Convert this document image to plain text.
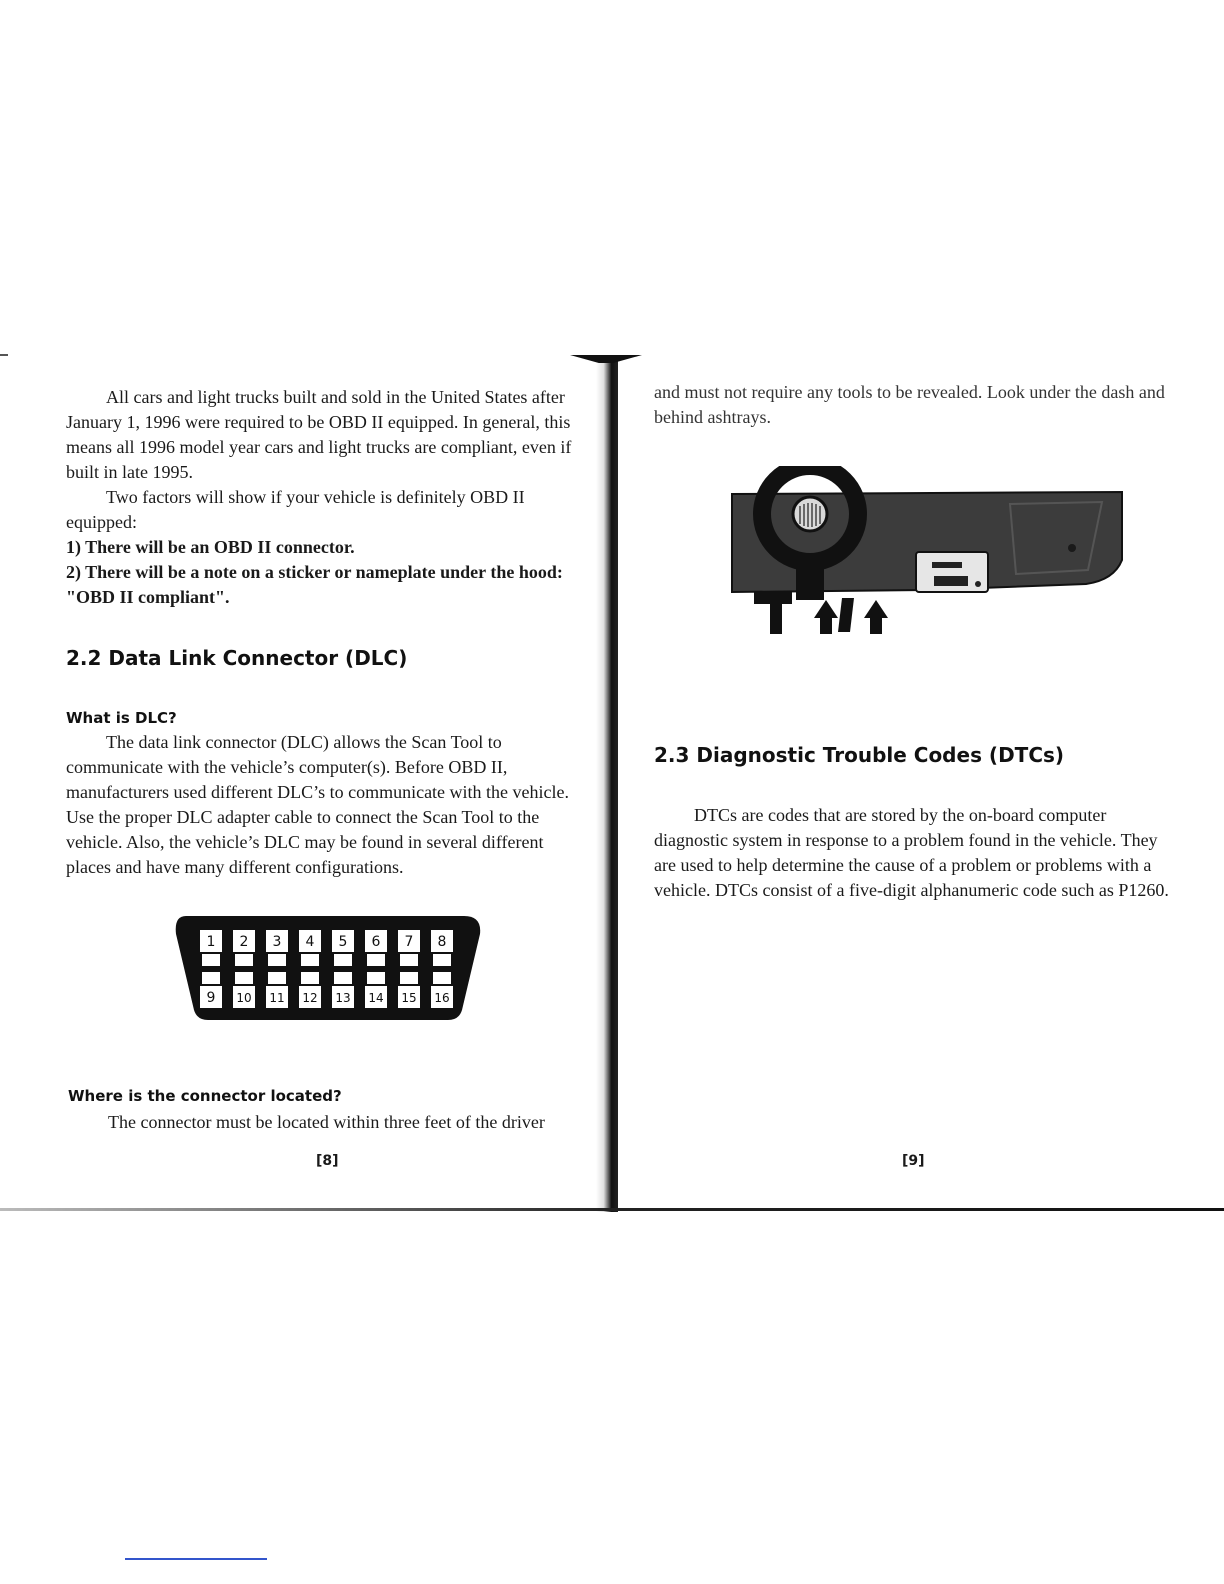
All cars and light trucks built and sold in the United States after January 1, 1996 were required to be OBD II equipped. In general, this means all 1996 model year cars and light trucks are compliant, even if built in late 1995.

Two factors will show if your vehicle is definitely OBD II equipped:

1) There will be an OBD II connector.

2) There will be a note on a sticker or nameplate under the hood: "OBD II compliant".

2.2 Data Link Connector (DLC)
What is DLC?

The data link connector (DLC) allows the Scan Tool to communicate with the vehicle’s computer(s). Before OBD II, manufacturers used different DLC’s to communicate with the vehicle. Use the proper DLC adapter cable to connect the Scan Tool to the vehicle. Also, the vehicle’s DLC may be found in several different places and have many different configurations.

1 2 3 4 5 6 7 8
9 10 11 12 13 14 15 16
Where is the connector located?

The connector must be located within three feet of the driver

[8]

and must not require any tools to be revealed. Look under the dash and behind ashtrays.

2.3 Diagnostic Trouble Codes (DTCs)

DTCs are codes that are stored by the on-board computer diagnostic system in response to a problem found in the vehicle. They are used to help determine the cause of a problem or problems with a vehicle. DTCs consist of a five-digit alphanumeric code such as P1260.

[9]
